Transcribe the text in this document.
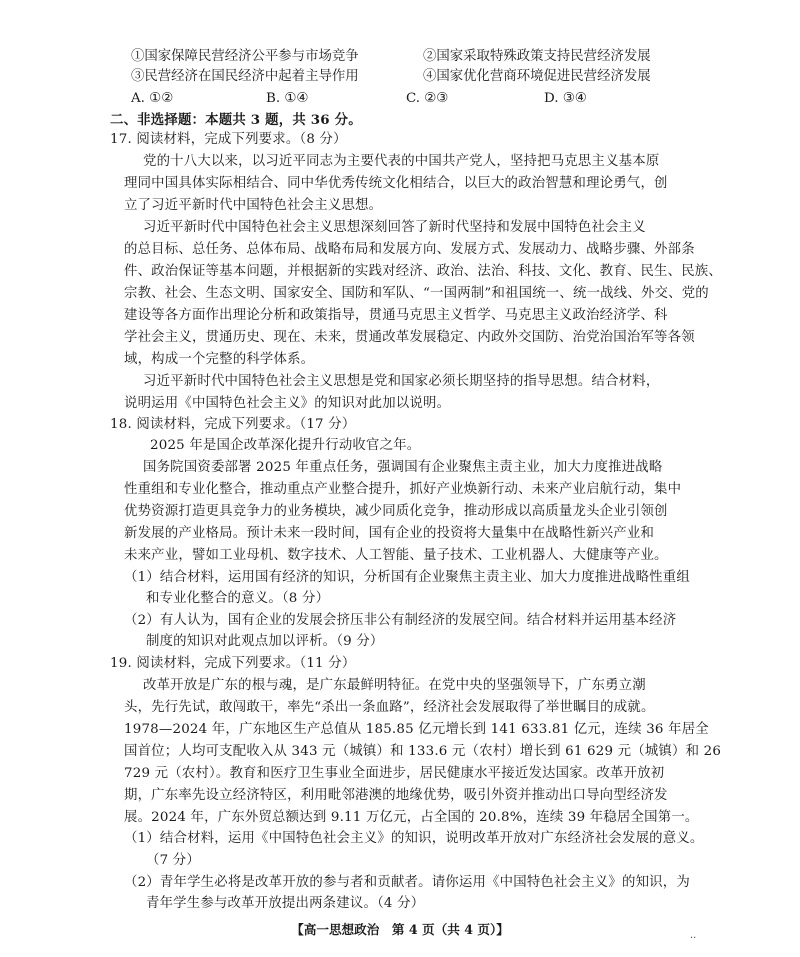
①国家保障民营经济公平参与市场竞争	②国家采取特殊政策支持民营经济发展
③民营经济在国民经济中起着主导作用	④国家优化营商环境促进民营经济发展
A. ①②	B. ①④	C. ②③	D. ③④
二、非选择题：本题共 3 题，共 36 分。
17. 阅读材料，完成下列要求。（8 分）
党的十八大以来，以习近平同志为主要代表的中国共产党人，坚持把马克思主义基本原
理同中国具体实际相结合、同中华优秀传统文化相结合，以巨大的政治智慧和理论勇气，创
立了习近平新时代中国特色社会主义思想。
习近平新时代中国特色社会主义思想深刻回答了新时代坚持和发展中国特色社会主义
的总目标、总任务、总体布局、战略布局和发展方向、发展方式、发展动力、战略步骤、外部条
件、政治保证等基本问题，并根据新的实践对经济、政治、法治、科技、文化、教育、民生、民族、
宗教、社会、生态文明、国家安全、国防和军队、“一国两制”和祖国统一、统一战线、外交、党的
建设等各方面作出理论分析和政策指导，贯通马克思主义哲学、马克思主义政治经济学、科
学社会主义，贯通历史、现在、未来，贯通改革发展稳定、内政外交国防、治党治国治军等各领
域，构成一个完整的科学体系。
习近平新时代中国特色社会主义思想是党和国家必须长期坚持的指导思想。结合材料，
说明运用《中国特色社会主义》的知识对此加以说明。
18. 阅读材料，完成下列要求。（17 分）
2025 年是国企改革深化提升行动收官之年。
国务院国资委部署 2025 年重点任务，强调国有企业聚焦主责主业，加大力度推进战略
性重组和专业化整合，推动重点产业整合提升，抓好产业焕新行动、未来产业启航行动，集中
优势资源打造更具竞争力的业务模块，减少同质化竞争，推动形成以高质量龙头企业引领创
新发展的产业格局。预计未来一段时间，国有企业的投资将大量集中在战略性新兴产业和
未来产业，譬如工业母机、数字技术、人工智能、量子技术、工业机器人、大健康等产业。
（1）结合材料，运用国有经济的知识，分析国有企业聚焦主责主业、加大力度推进战略性重组
和专业化整合的意义。（8 分）
（2）有人认为，国有企业的发展会挤压非公有制经济的发展空间。结合材料并运用基本经济
制度的知识对此观点加以评析。（9 分）
19. 阅读材料，完成下列要求。（11 分）
改革开放是广东的根与魂，是广东最鲜明特征。在党中央的坚强领导下，广东勇立潮
头，先行先试，敢闯敢干，率先“杀出一条血路”，经济社会发展取得了举世瞩目的成就。
1978—2024 年，广东地区生产总值从 185.85 亿元增长到 141 633.81 亿元，连续 36 年居全
国首位；人均可支配收入从 343 元（城镇）和 133.6 元（农村）增长到 61 629 元（城镇）和 26
729 元（农村）。教育和医疗卫生事业全面进步，居民健康水平接近发达国家。改革开放初
期，广东率先设立经济特区，利用毗邻港澳的地缘优势，吸引外资并推动出口导向型经济发
展。2024 年，广东外贸总额达到 9.11 万亿元，占全国的 20.8%，连续 39 年稳居全国第一。
（1）结合材料，运用《中国特色社会主义》的知识，说明改革开放对广东经济社会发展的意义。
（7 分）
（2）青年学生必将是改革开放的参与者和贡献者。请你运用《中国特色社会主义》的知识，为
青年学生参与改革开放提出两条建议。（4 分）
【高一思想政治　第 4 页（共 4 页）】	..
